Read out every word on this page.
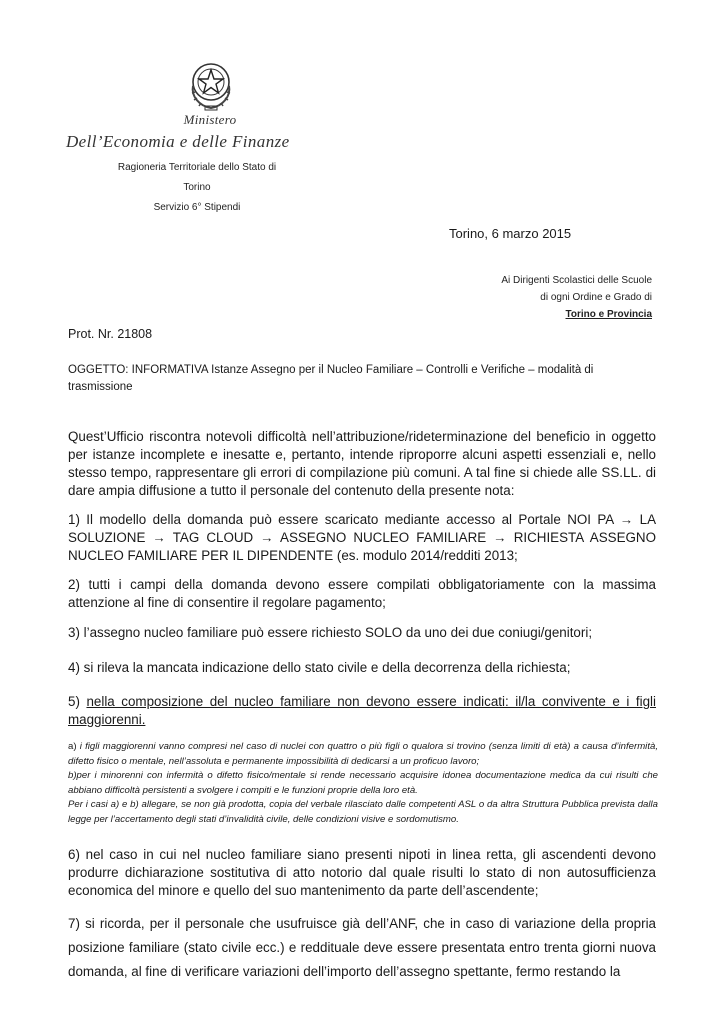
Ministero
Dell’Economia e delle Finanze
Ragioneria Territoriale dello Stato di
Torino
Servizio 6° Stipendi
Torino, 6 marzo 2015
Ai Dirigenti Scolastici delle Scuole
di ogni Ordine e Grado di
Torino e Provincia
Prot. Nr. 21808
OGGETTO: INFORMATIVA Istanze Assegno per il Nucleo Familiare – Controlli e Verifiche – modalità di trasmissione
Quest’Ufficio riscontra notevoli difficoltà nell’attribuzione/rideterminazione del beneficio in oggetto per istanze incomplete e inesatte e, pertanto, intende riproporre alcuni aspetti essenziali e, nello stesso tempo, rappresentare gli errori di compilazione più comuni. A tal fine si chiede alle SS.LL. di dare ampia diffusione a tutto il personale del contenuto della presente nota:
1) Il modello della domanda può essere scaricato mediante accesso al Portale NOI PA → LA SOLUZIONE → TAG CLOUD → ASSEGNO NUCLEO FAMILIARE → RICHIESTA ASSEGNO NUCLEO FAMILIARE PER IL DIPENDENTE (es. modulo 2014/redditi 2013;
2) tutti i campi della domanda devono essere compilati obbligatoriamente con la massima attenzione al fine di consentire il regolare pagamento;
3) l’assegno nucleo familiare può essere richiesto SOLO da uno dei due coniugi/genitori;
4) si rileva la mancata indicazione dello stato civile e della decorrenza della richiesta;
5) nella composizione del nucleo familiare non devono essere indicati: il/la convivente e i figli maggiorenni.
a) i figli maggiorenni vanno compresi nel caso di nuclei con quattro o più figli o qualora si trovino (senza limiti di età) a causa d’infermità, difetto fisico o mentale, nell’assoluta e permanente impossibilità di dedicarsi a un proficuo lavoro;
b)per i minorenni con infermità o difetto fisico/mentale si rende necessario acquisire idonea documentazione medica da cui risulti che abbiano difficoltà persistenti a svolgere i compiti e le funzioni proprie della loro età.
Per i casi a) e b) allegare, se non già prodotta, copia del verbale rilasciato dalle competenti ASL o da altra Struttura Pubblica prevista dalla legge per l’accertamento degli stati d’invalidità civile, delle condizioni visive e sordomutismo.
6) nel caso in cui nel nucleo familiare siano presenti nipoti in linea retta, gli ascendenti devono produrre dichiarazione sostitutiva di atto notorio dal quale risulti lo stato di non autosufficienza economica del minore e quello del suo mantenimento da parte dell’ascendente;
7) si ricorda, per il personale che usufruisce già dell’ANF, che in caso di variazione della propria posizione familiare (stato civile ecc.) e reddituale deve essere presentata entro trenta giorni nuova domanda, al fine di verificare variazioni dell’importo dell’assegno spettante, fermo restando la
